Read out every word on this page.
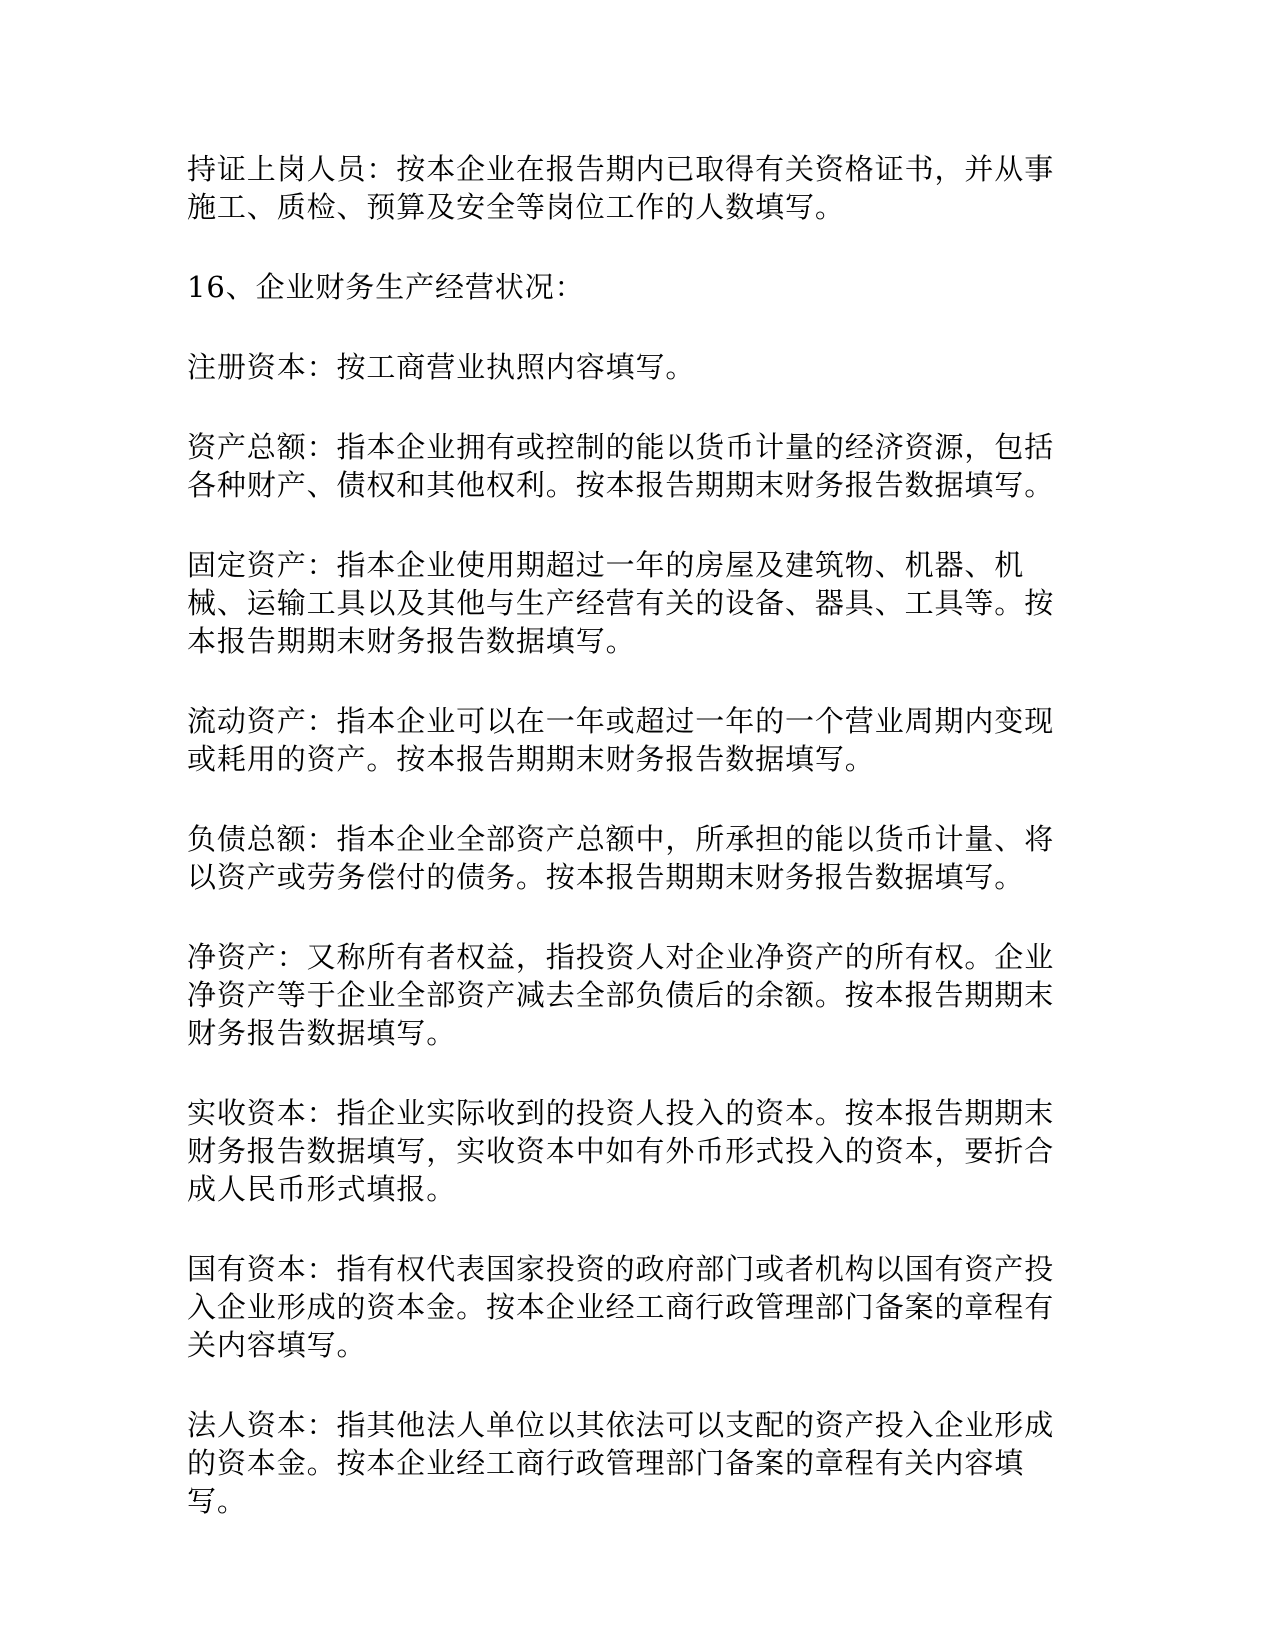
持证上岗人员：按本企业在报告期内已取得有关资格证书，并从事施工、质检、预算及安全等岗位工作的人数填写。

16、企业财务生产经营状况：

注册资本：按工商营业执照内容填写。

资产总额：指本企业拥有或控制的能以货币计量的经济资源，包括各种财产、债权和其他权利。按本报告期期末财务报告数据填写。

固定资产：指本企业使用期超过一年的房屋及建筑物、机器、机械、运输工具以及其他与生产经营有关的设备、器具、工具等。按本报告期期末财务报告数据填写。

流动资产：指本企业可以在一年或超过一年的一个营业周期内变现或耗用的资产。按本报告期期末财务报告数据填写。

负债总额：指本企业全部资产总额中，所承担的能以货币计量、将以资产或劳务偿付的债务。按本报告期期末财务报告数据填写。

净资产：又称所有者权益，指投资人对企业净资产的所有权。企业净资产等于企业全部资产减去全部负债后的余额。按本报告期期末财务报告数据填写。

实收资本：指企业实际收到的投资人投入的资本。按本报告期期末财务报告数据填写，实收资本中如有外币形式投入的资本，要折合成人民币形式填报。

国有资本：指有权代表国家投资的政府部门或者机构以国有资产投入企业形成的资本金。按本企业经工商行政管理部门备案的章程有关内容填写。

法人资本：指其他法人单位以其依法可以支配的资产投入企业形成的资本金。按本企业经工商行政管理部门备案的章程有关内容填写。
